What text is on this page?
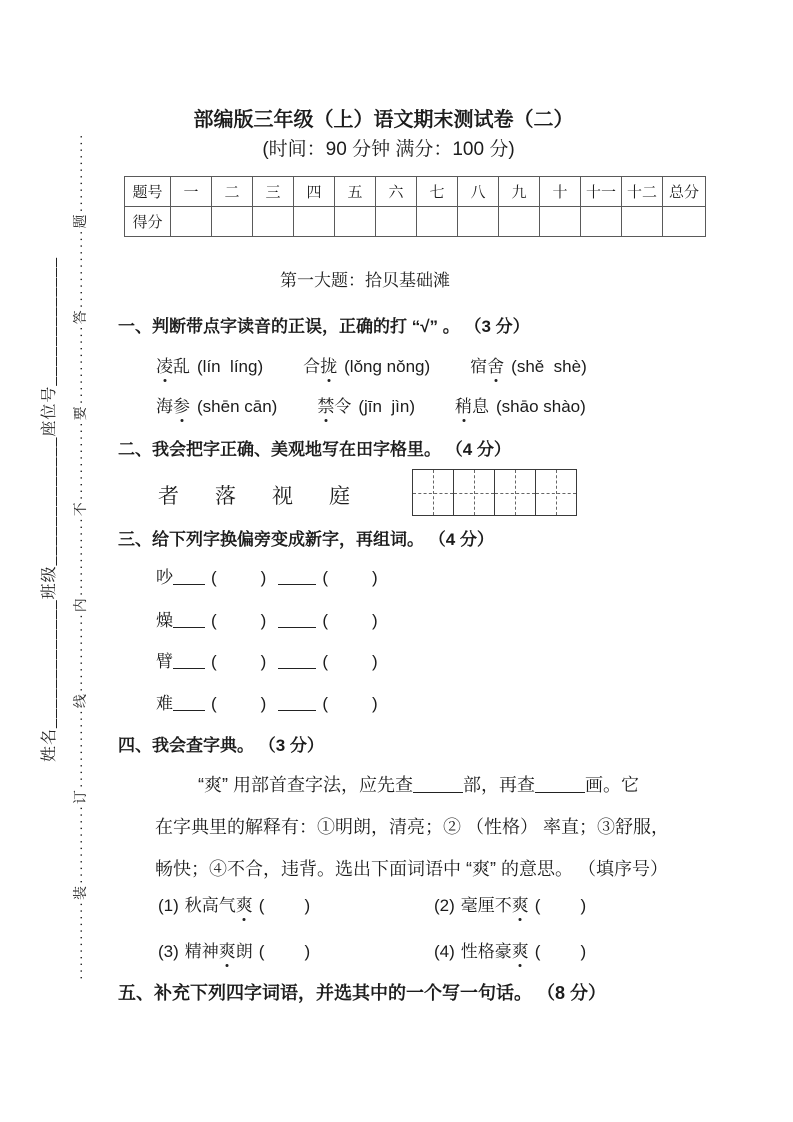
姓名_____________班级_____________座位号_____________ ············装············订············线············内············不············要············答············题············
部编版三年级（上）语文期末测试卷（二）
(时间：90 分钟 满分：100 分)
题号	一	二	三	四	五	六	七	八	九	十	十一	十二	总分
得分													
第一大题：拾贝基础滩
一、判断带点字读音的正误，正确的打 “√” 。 （3 分）
凌乱 (lín  líng) 合拢 (lǒng nǒng) 宿舍 (shě  shè)
海参 (shēn cān) 禁令 (jīn  jìn) 稍息 (shāo shào)
二、我会把字正确、美观地写在田字格里。 （4 分）
者 落 视 庭
三、给下列字换偏旁变成新字，再组词。 （4 分）
吵 (	)	(	)
燥 (	)	(	)
臂 (	)	(	)
难 (	)	(	)
四、我会查字典。 （3 分）
“爽” 用部首查字法，应先查	部，再查	画。它
在字典里的解释有：①明朗，清亮；② （性格） 率直；③舒服，
畅快；④不合，违背。选出下面词语中 “爽” 的意思。 （填序号）
(1) 秋高气爽 ( )	(2) 毫厘不爽 ( )
(3) 精神爽朗 ( )	(4) 性格豪爽 ( )
五、补充下列四字词语，并选其中的一个写一句话。 （8 分）
